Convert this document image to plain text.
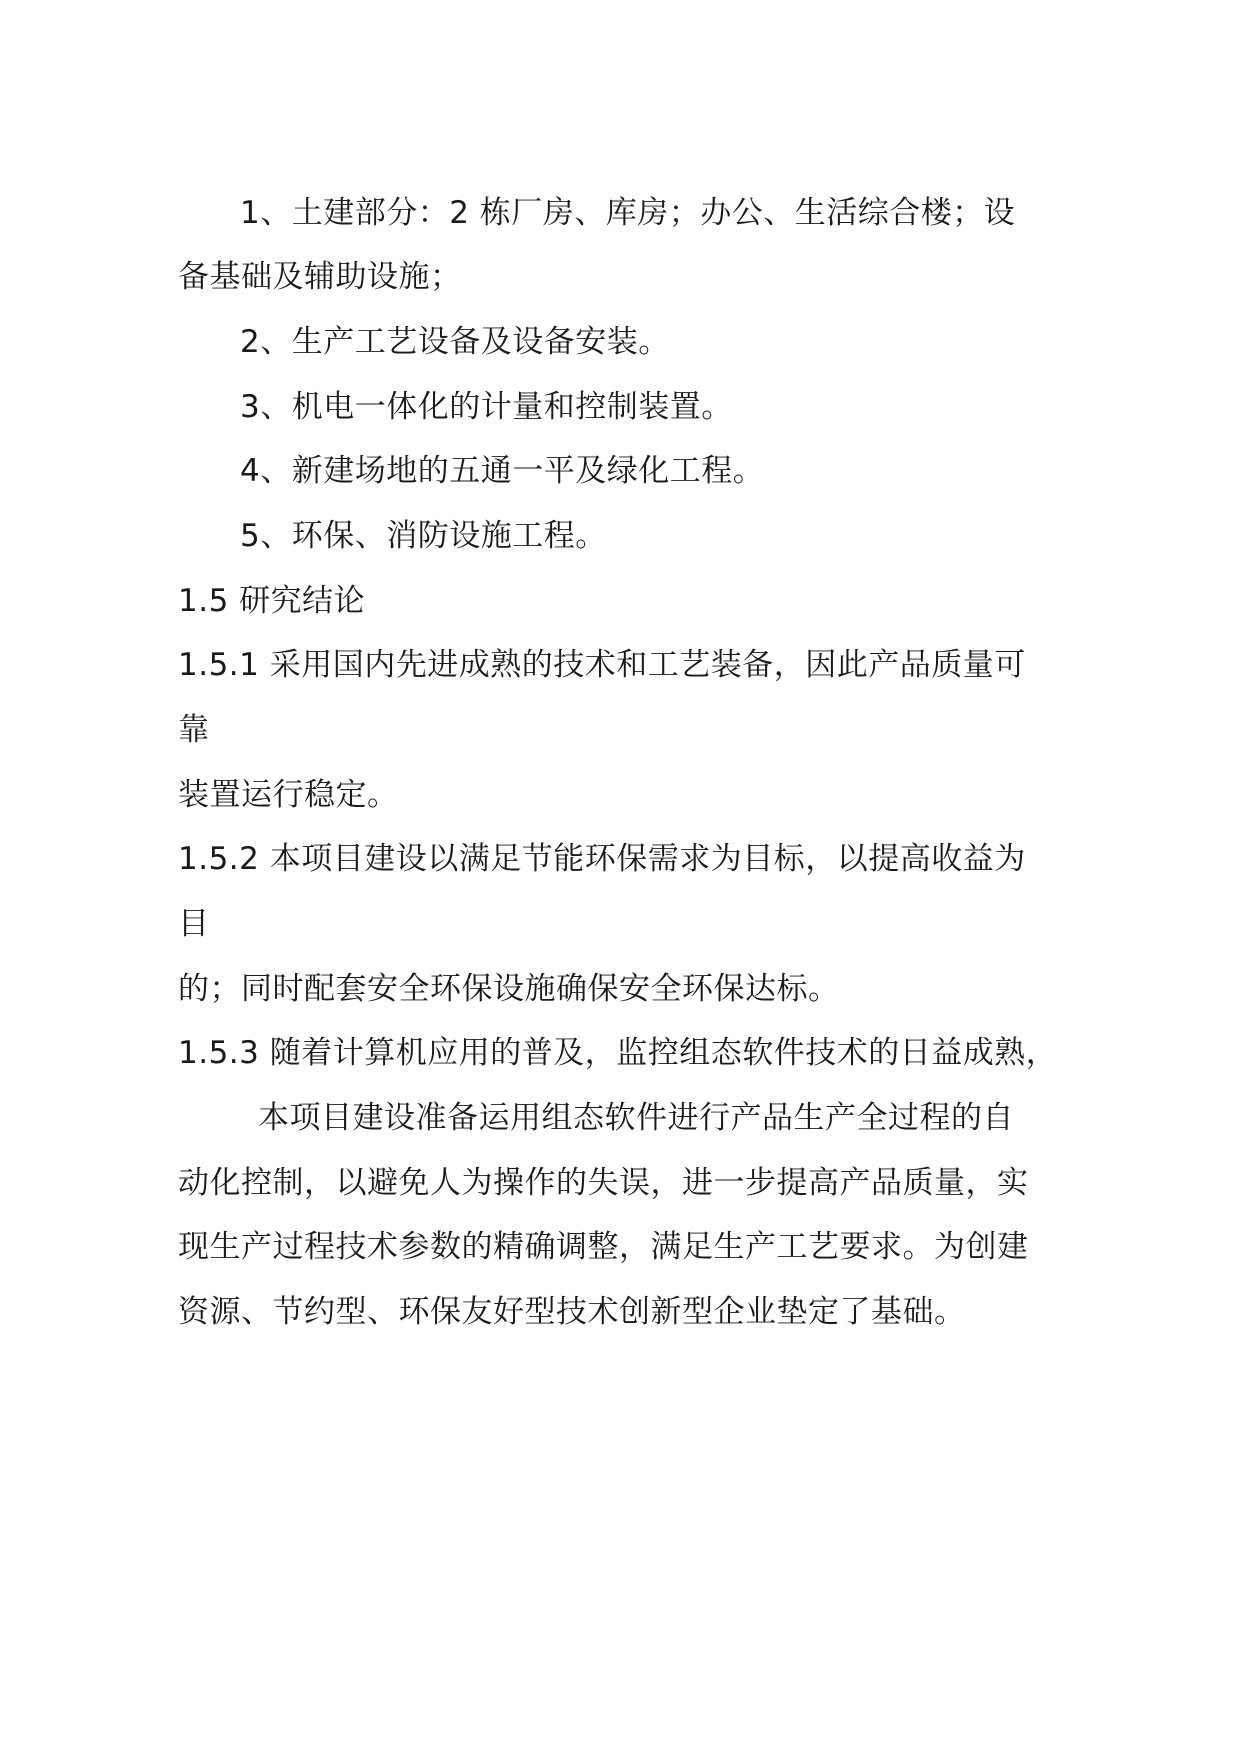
1、土建部分：2 栋厂房、库房；办公、生活综合楼；设
备基础及辅助设施；
2、生产工艺设备及设备安装。
3、机电一体化的计量和控制装置。
4、新建场地的五通一平及绿化工程。
5、环保、消防设施工程。
1.5 研究结论
1.5.1 采用国内先进成熟的技术和工艺装备，因此产品质量可
靠
装置运行稳定。
1.5.2 本项目建设以满足节能环保需求为目标，以提高收益为
目
的；同时配套安全环保设施确保安全环保达标。
1.5.3 随着计算机应用的普及，监控组态软件技术的日益成熟，
本项目建设准备运用组态软件进行产品生产全过程的自
动化控制，以避免人为操作的失误，进一步提高产品质量，实
现生产过程技术参数的精确调整，满足生产工艺要求。为创建
资源、节约型、环保友好型技术创新型企业垫定了基础。
